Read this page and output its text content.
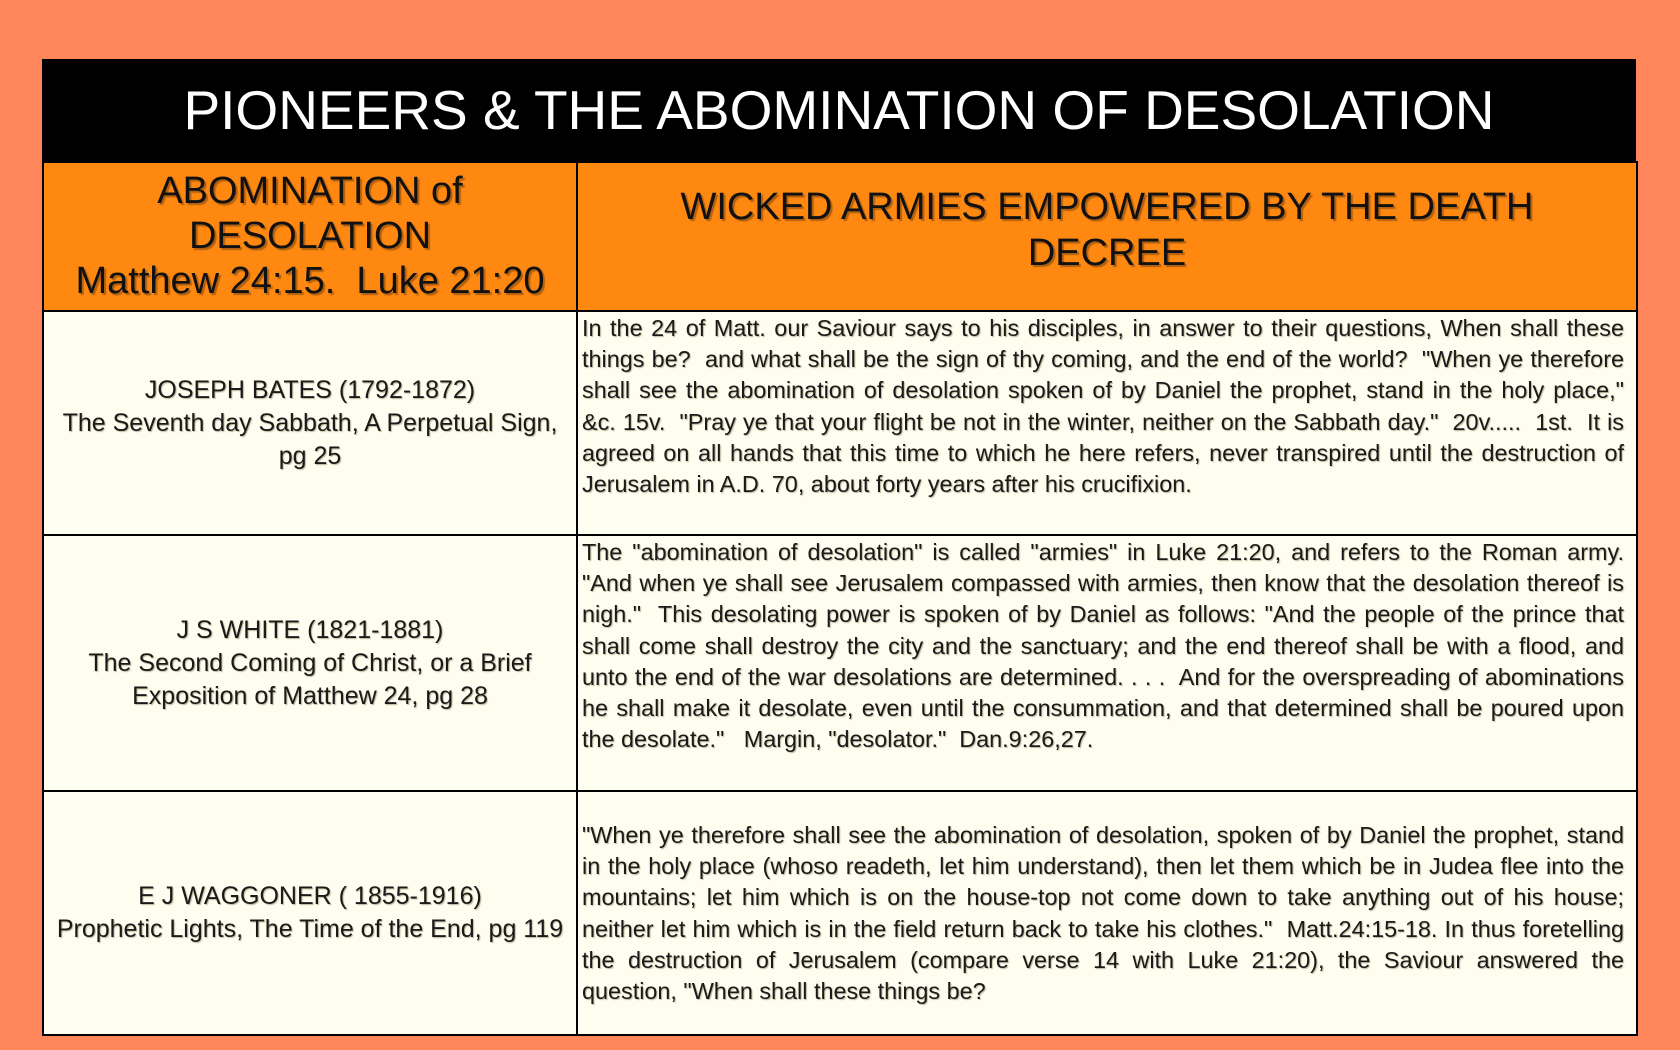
PIONEERS & THE ABOMINATION OF DESOLATION
ABOMINATION of
DESOLATION
Matthew 24:15.  Luke 21:20	WICKED ARMIES EMPOWERED BY THE DEATH DECREE

JOSEPH BATES (1792-1872)
The Seventh day Sabbath, A Perpetual Sign, pg 25	In the 24 of Matt. our Saviour says to his disciples, in answer to their questions, When shall these things be?  and what shall be the sign of thy coming, and the end of the world?  "When ye therefore shall see the abomination of desolation spoken of by Daniel the prophet, stand in the holy place," &c. 15v.  "Pray ye that your flight be not in the winter, neither on the Sabbath day."  20v.....  1st.  It is agreed on all hands that this time to which he here refers, never transpired until the destruction of Jerusalem in A.D. 70, about forty years after his crucifixion.

J S WHITE (1821-1881)
The Second Coming of Christ, or a Brief Exposition of Matthew 24, pg 28	The "abomination of desolation" is called "armies" in Luke 21:20, and refers to the Roman army.  "And when ye shall see Jerusalem compassed with armies, then know that the desolation thereof is nigh."  This desolating power is spoken of by Daniel as follows: "And the people of the prince that shall come shall destroy the city and the sanctuary; and the end thereof shall be with a flood, and unto the end of the war desolations are determined. . . .  And for the overspreading of abominations he shall make it desolate, even until the consummation, and that determined shall be poured upon the desolate."   Margin, "desolator."  Dan.9:26,27.

E J WAGGONER ( 1855-1916)
Prophetic Lights, The Time of the End, pg 119	"When ye therefore shall see the abomination of desolation, spoken of by Daniel the prophet, stand in the holy place (whoso readeth, let him understand), then let them which be in Judea flee into the mountains; let him which is on the house-top not come down to take anything out of his house; neither let him which is in the field return back to take his clothes."  Matt.24:15-18. In thus foretelling the destruction of Jerusalem (compare verse 14 with Luke 21:20), the Saviour answered the question, "When shall these things be?
